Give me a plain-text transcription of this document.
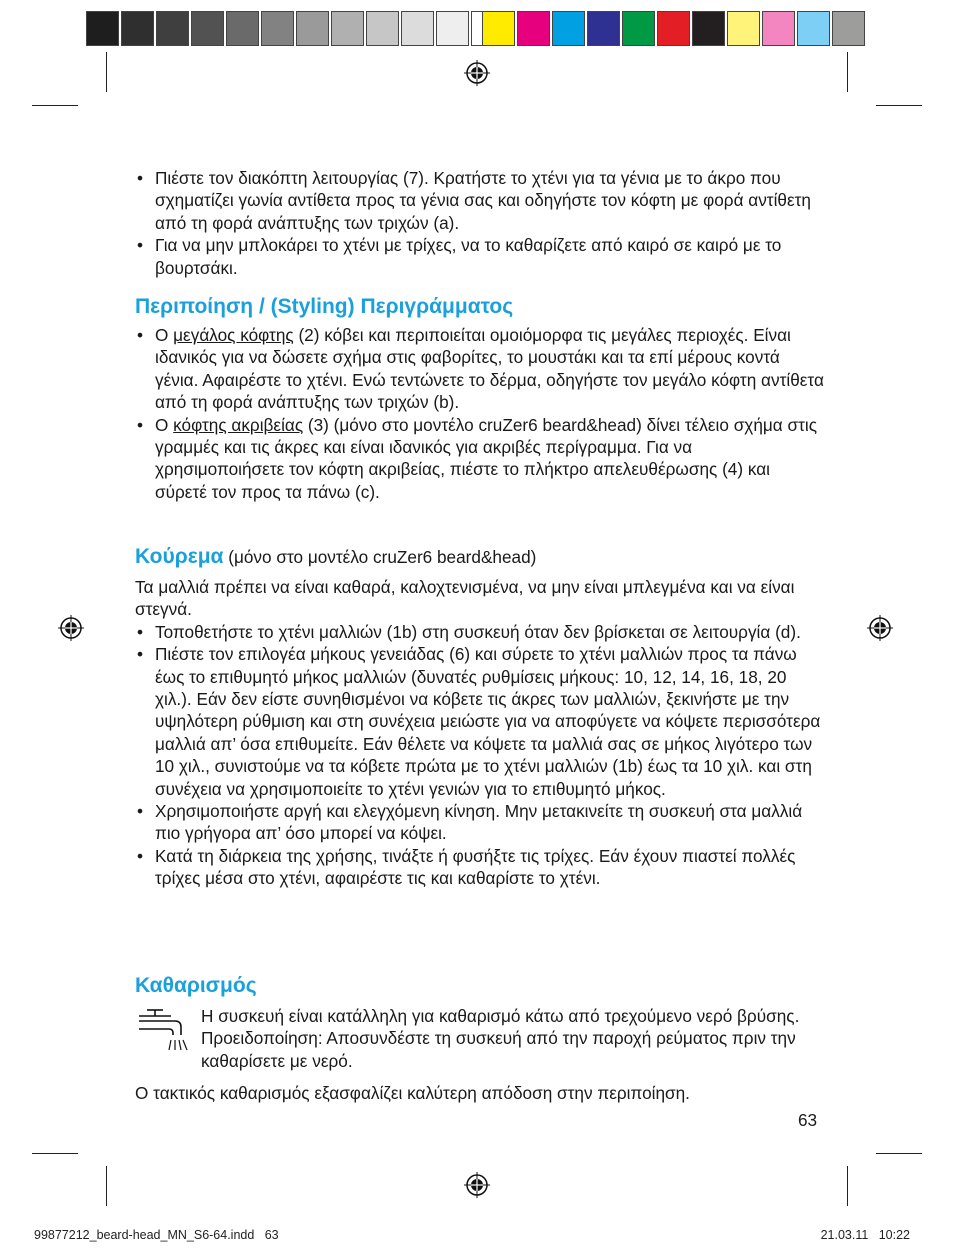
• Πιέστε τον διακόπτη λειτουργίας (7). Κρατήστε το χτένι για τα γένια με το άκρο που σχηματίζει γωνία αντίθετα προς τα γένια σας και οδηγήστε τον κόφτη με φορά αντίθετη από τη φορά ανάπτυξης των τριχών (a).

• Για να μην μπλοκάρει το χτένι με τρίχες, να το καθαρίζετε από καιρό σε καιρό με το βουρτσάκι.

Περιποίηση / (Styling) Περιγράμματος

• Ο μεγάλος κόφτης (2) κόβει και περιποιείται ομοιόμορφα τις μεγάλες περιοχές. Είναι ιδανικός για να δώσετε σχήμα στις φαβορίτες, το μουστάκι και τα επί μέρους κοντά γένια. Αφαιρέστε το χτένι. Ενώ τεντώνετε το δέρμα, οδηγήστε τον μεγάλο κόφτη αντίθετα από τη φορά ανάπτυξης των τριχών (b).

• Ο κόφτης ακριβείας (3) (μόνο στο μοντέλο cruZer6 beard&head) δίνει τέλειο σχήμα στις γραμμές και τις άκρες και είναι ιδανικός για ακριβές περίγραμμα. Για να χρησιμοποιήσετε τον κόφτη ακριβείας, πιέστε το πλήκτρο απελευθέρωσης (4) και σύρετέ τον προς τα πάνω (c).

Κούρεμα (μόνο στο μοντέλο cruZer6 beard&head)

Τα μαλλιά πρέπει να είναι καθαρά, καλοχτενισμένα, να μην είναι μπλεγμένα και να είναι στεγνά.

• Τοποθετήστε το χτένι μαλλιών (1b) στη συσκευή όταν δεν βρίσκεται σε λειτουργία (d).

• Πιέστε τον επιλογέα μήκους γενειάδας (6) και σύρετε το χτένι μαλλιών προς τα πάνω έως το επιθυμητό μήκος μαλλιών (δυνατές ρυθμίσεις μήκους: 10, 12, 14, 16, 18, 20 χιλ.). Εάν δεν είστε συνηθισμένοι να κόβετε τις άκρες των μαλλιών, ξεκινήστε με την υψηλότερη ρύθμιση και στη συνέχεια μειώστε για να αποφύγετε να κόψετε περισσότερα μαλλιά απ’ όσα επιθυμείτε. Εάν θέλετε να κόψετε τα μαλλιά σας σε μήκος λιγότερο των 10 χιλ., συνιστούμε να τα κόβετε πρώτα με το χτένι μαλλιών (1b) έως τα 10 χιλ. και στη συνέχεια να χρησιμοποιείτε το χτένι γενιών για το επιθυμητό μήκος.

• Χρησιμοποιήστε αργή και ελεγχόμενη κίνηση. Μην μετακινείτε τη συσκευή στα μαλλιά πιο γρήγορα απ’ όσο μπορεί να κόψει.

• Κατά τη διάρκεια της χρήσης, τινάξτε ή φυσήξτε τις τρίχες. Εάν έχουν πιαστεί πολλές τρίχες μέσα στο χτένι, αφαιρέστε τις και καθαρίστε το χτένι.

Καθαρισμός

Η συσκευή είναι κατάλληλη για καθαρισμό κάτω από τρεχούμενο νερό βρύσης. Προειδοποίηση: Αποσυνδέστε τη συσκευή από την παροχή ρεύματος πριν την καθαρίσετε με νερό.

Ο τακτικός καθαρισμός εξασφαλίζει καλύτερη απόδοση στην περιποίηση.

63
99877212_beard-head_MN_S6-64.indd   63	21.03.11   10:22
